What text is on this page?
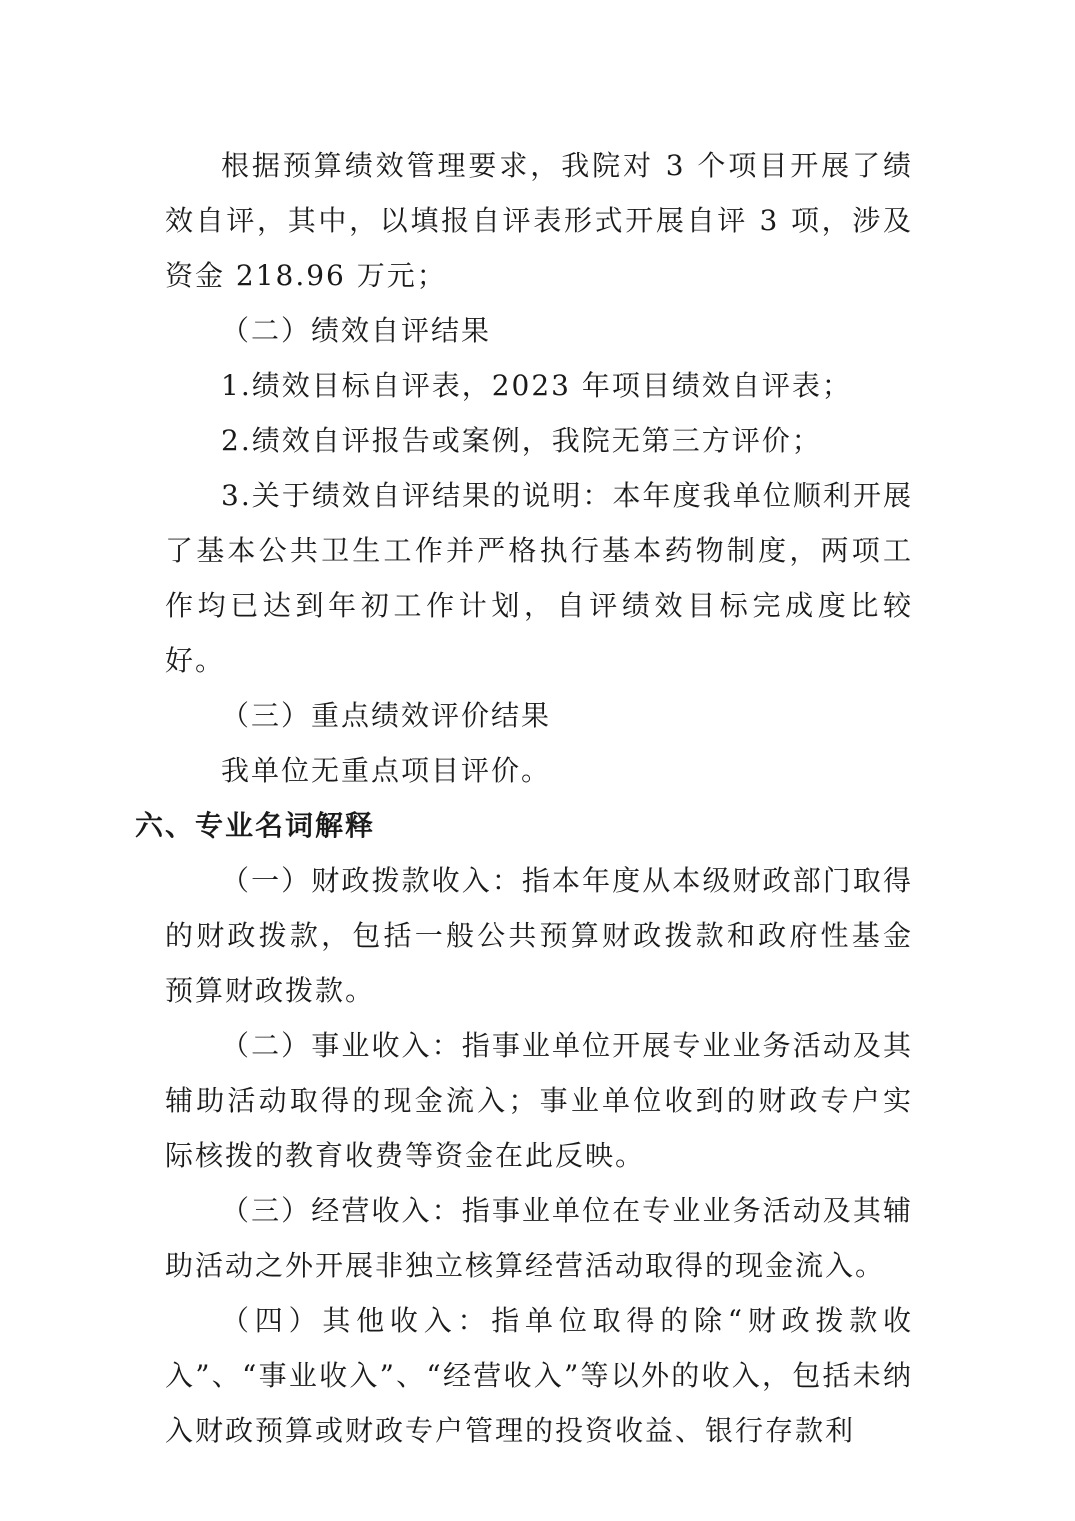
根据预算绩效管理要求，我院对 3 个项目开展了绩效自评，其中，以填报自评表形式开展自评 3 项，涉及资金 218.96 万元；

（二）绩效自评结果

1.绩效目标自评表，2023 年项目绩效自评表；

2.绩效自评报告或案例，我院无第三方评价；

3.关于绩效自评结果的说明：本年度我单位顺利开展了基本公共卫生工作并严格执行基本药物制度，两项工作均已达到年初工作计划，自评绩效目标完成度比较好。

（三）重点绩效评价结果

我单位无重点项目评价。

六、专业名词解释

（一）财政拨款收入：指本年度从本级财政部门取得的财政拨款，包括一般公共预算财政拨款和政府性基金预算财政拨款。

（二）事业收入：指事业单位开展专业业务活动及其辅助活动取得的现金流入；事业单位收到的财政专户实际核拨的教育收费等资金在此反映。

（三）经营收入：指事业单位在专业业务活动及其辅助活动之外开展非独立核算经营活动取得的现金流入。

（四）其他收入：指单位取得的除“财政拨款收入”、“事业收入”、“经营收入”等以外的收入，包括未纳入财政预算或财政专户管理的投资收益、银行存款利
